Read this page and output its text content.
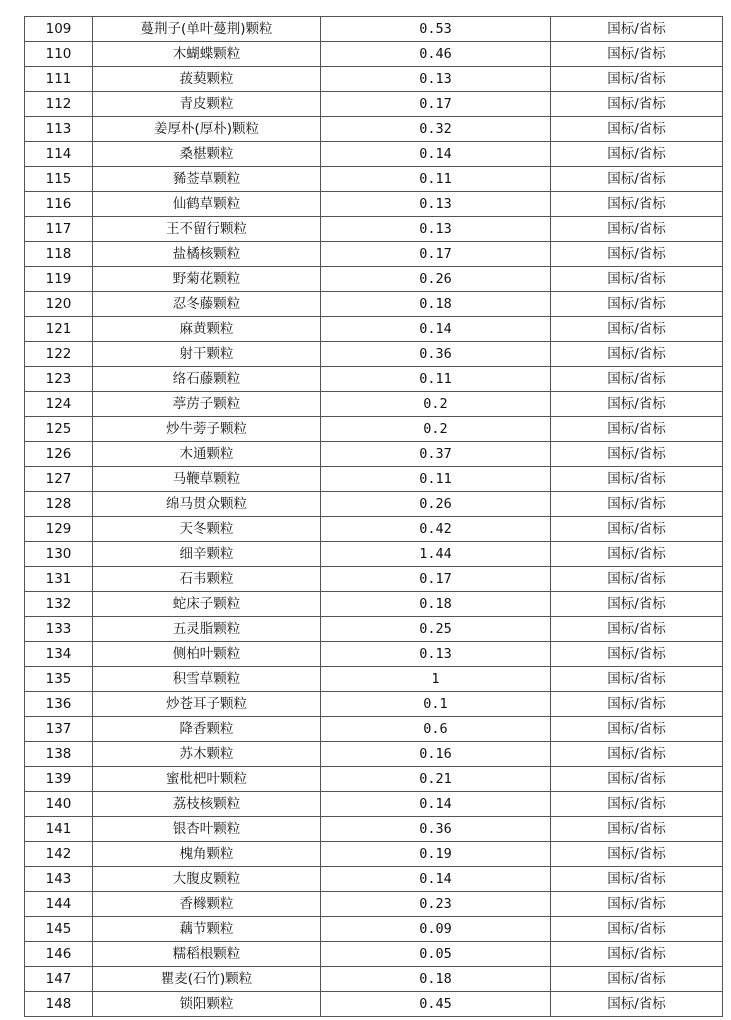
109	蔓荆子(单叶蔓荆)颗粒	0.53	国标/省标
110	木蝴蝶颗粒	0.46	国标/省标
111	菝葜颗粒	0.13	国标/省标
112	青皮颗粒	0.17	国标/省标
113	姜厚朴(厚朴)颗粒	0.32	国标/省标
114	桑椹颗粒	0.14	国标/省标
115	豨莶草颗粒	0.11	国标/省标
116	仙鹤草颗粒	0.13	国标/省标
117	王不留行颗粒	0.13	国标/省标
118	盐橘核颗粒	0.17	国标/省标
119	野菊花颗粒	0.26	国标/省标
120	忍冬藤颗粒	0.18	国标/省标
121	麻黄颗粒	0.14	国标/省标
122	射干颗粒	0.36	国标/省标
123	络石藤颗粒	0.11	国标/省标
124	葶苈子颗粒	0.2	国标/省标
125	炒牛蒡子颗粒	0.2	国标/省标
126	木通颗粒	0.37	国标/省标
127	马鞭草颗粒	0.11	国标/省标
128	绵马贯众颗粒	0.26	国标/省标
129	天冬颗粒	0.42	国标/省标
130	细辛颗粒	1.44	国标/省标
131	石韦颗粒	0.17	国标/省标
132	蛇床子颗粒	0.18	国标/省标
133	五灵脂颗粒	0.25	国标/省标
134	侧柏叶颗粒	0.13	国标/省标
135	积雪草颗粒	1	国标/省标
136	炒苍耳子颗粒	0.1	国标/省标
137	降香颗粒	0.6	国标/省标
138	苏木颗粒	0.16	国标/省标
139	蜜枇杷叶颗粒	0.21	国标/省标
140	荔枝核颗粒	0.14	国标/省标
141	银杏叶颗粒	0.36	国标/省标
142	槐角颗粒	0.19	国标/省标
143	大腹皮颗粒	0.14	国标/省标
144	香橼颗粒	0.23	国标/省标
145	藕节颗粒	0.09	国标/省标
146	糯稻根颗粒	0.05	国标/省标
147	瞿麦(石竹)颗粒	0.18	国标/省标
148	锁阳颗粒	0.45	国标/省标
